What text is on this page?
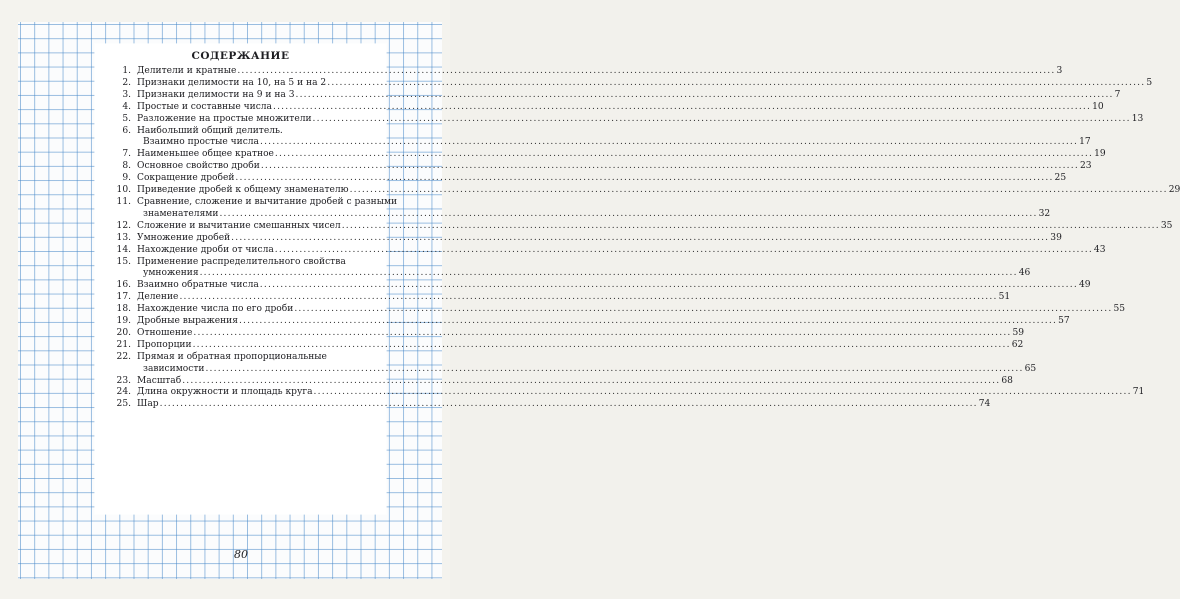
СОДЕРЖАНИЕ
1. Делители и кратные ........................................................................................................................................................................................................ 3
2. Признаки делимости на 10, на 5 и на 2 ........................................................................................................................................................................................................ 5
3. Признаки делимости на 9 и на 3 ........................................................................................................................................................................................................ 7
4. Простые и составные числа ........................................................................................................................................................................................................ 10
5. Разложение на простые множители ........................................................................................................................................................................................................ 13
6. Наибольший общий делитель.
Взаимно простые числа ........................................................................................................................................................................................................ 17
7. Наименьшее общее кратное ........................................................................................................................................................................................................ 19
8. Основное свойство дроби ........................................................................................................................................................................................................ 23
9. Сокращение дробей ........................................................................................................................................................................................................ 25
10. Приведение дробей к общему знаменателю ........................................................................................................................................................................................................ 29
11. Сравнение, сложение и вычитание дробей с разными
знаменателями ........................................................................................................................................................................................................ 32
12. Сложение и вычитание смешанных чисел ........................................................................................................................................................................................................ 35
13. Умножение дробей ........................................................................................................................................................................................................ 39
14. Нахождение дроби от числа ........................................................................................................................................................................................................ 43
15. Применение распределительного свойства
умножения ........................................................................................................................................................................................................ 46
16. Взаимно обратные числа ........................................................................................................................................................................................................ 49
17. Деление ........................................................................................................................................................................................................ 51
18. Нахождение числа по его дроби ........................................................................................................................................................................................................ 55
19. Дробные выражения ........................................................................................................................................................................................................ 57
20. Отношение ........................................................................................................................................................................................................ 59
21. Пропорции ........................................................................................................................................................................................................ 62
22. Прямая и обратная пропорциональные
зависимости ........................................................................................................................................................................................................ 65
23. Масштаб ........................................................................................................................................................................................................ 68
24. Длина окружности и площадь круга ........................................................................................................................................................................................................ 71
25. Шар ........................................................................................................................................................................................................ 74
80
